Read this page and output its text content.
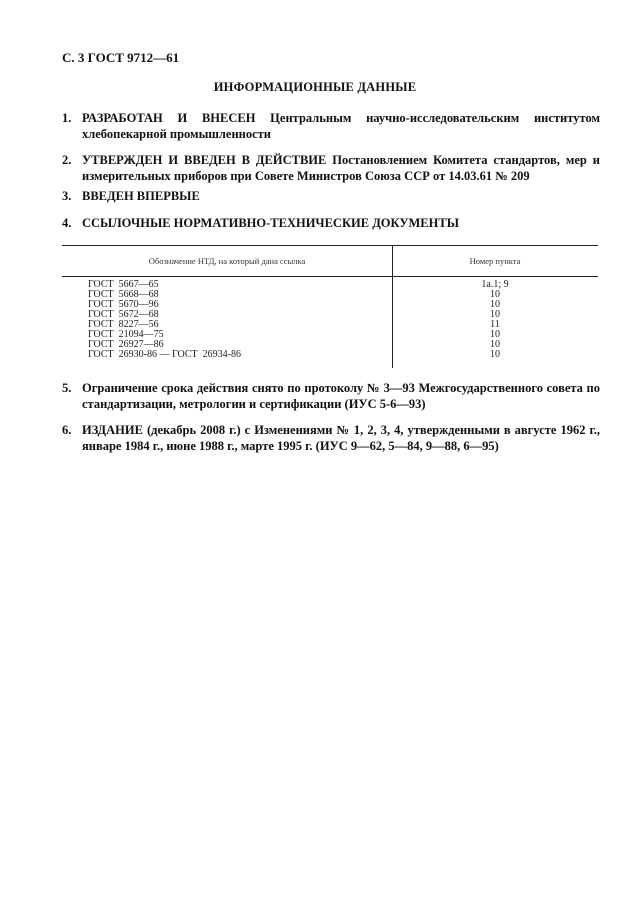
С. 3 ГОСТ 9712—61
ИНФОРМАЦИОННЫЕ ДАННЫЕ
1. РАЗРАБОТАН И ВНЕСЕН Центральным научно-исследовательским институтом хлебопекарной промышленности
2. УТВЕРЖДЕН И ВВЕДЕН В ДЕЙСТВИЕ Постановлением Комитета стандартов, мер и измерительных приборов при Совете Министров Союза ССР от 14.03.61 № 209
3. ВВЕДЕН ВПЕРВЫЕ
4. ССЫЛОЧНЫЕ НОРМАТИВНО-ТЕХНИЧЕСКИЕ ДОКУМЕНТЫ
Обозначение НТД, на который дана ссылка	Номер пункта
ГОСТ  5667—65	1а.1; 9
ГОСТ  5668—68	10
ГОСТ  5670—96	10
ГОСТ  5672—68	10
ГОСТ  8227—56	11
ГОСТ  21094—75	10
ГОСТ  26927—86	10
ГОСТ  26930-86 — ГОСТ  26934-86	10
5. Ограничение срока действия снято по протоколу № 3—93 Межгосударственного совета по стандартизации, метрологии и сертификации (ИУС 5-6—93)
6. ИЗДАНИЕ (декабрь 2008 г.) с Изменениями № 1, 2, 3, 4, утвержденными в августе 1962 г., январе 1984 г., июне 1988 г., марте 1995 г. (ИУС 9—62, 5—84, 9—88, 6—95)
